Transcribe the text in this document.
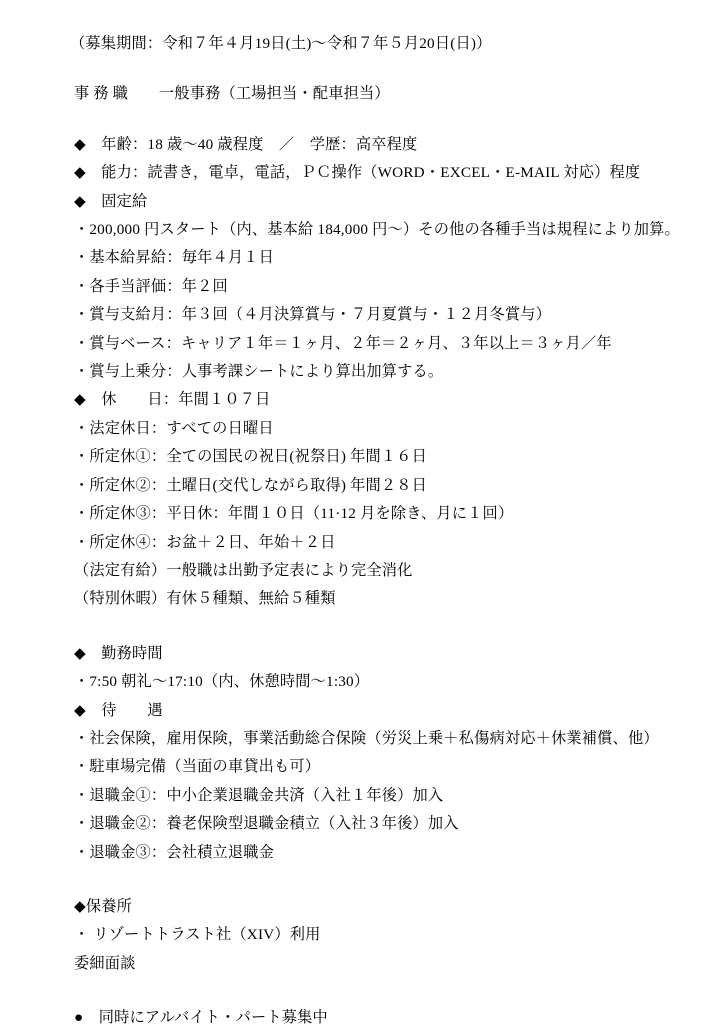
（募集期間：令和７年４月19日(土)〜令和７年５月20日(日)）
事 務 職　　一般事務（工場担当・配車担当）
◆　年齢：18 歳〜40 歳程度　／　学歴：高卒程度
◆　能力：読書き，電卓，電話，ＰＣ操作（WORD・EXCEL・E-MAIL 対応）程度
◆　固定給
・200,000 円スタート（内、基本給 184,000 円〜）その他の各種手当は規程により加算。
・基本給昇給：毎年４月１日
・各手当評価：年２回
・賞与支給月：年３回（４月決算賞与・７月夏賞与・１２月冬賞与）
・賞与ベース：キャリア１年＝１ヶ月、２年＝２ヶ月、３年以上＝３ヶ月／年
・賞与上乗分：人事考課シートにより算出加算する。
◆　休　　日：年間１０７日
・法定休日：すべての日曜日
・所定休①：全ての国民の祝日(祝祭日) 年間１６日
・所定休②：土曜日(交代しながら取得) 年間２８日
・所定休③：平日休：年間１０日（11·12 月を除き、月に１回）
・所定休④：お盆＋２日、年始＋２日
（法定有給）一般職は出勤予定表により完全消化
（特別休暇）有休５種類、無給５種類
◆　勤務時間
・7:50 朝礼〜17:10（内、休憩時間〜1:30）
◆　待　　遇
・社会保険，雇用保険，事業活動総合保険（労災上乗＋私傷病対応＋休業補償、他）
・駐車場完備（当面の車貸出も可）
・退職金①：中小企業退職金共済（入社１年後）加入
・退職金②：養老保険型退職金積立（入社３年後）加入
・退職金③：会社積立退職金
◆保養所
・ リゾートトラスト社（XIV）利用
委細面談
●　同時にアルバイト・パート募集中
